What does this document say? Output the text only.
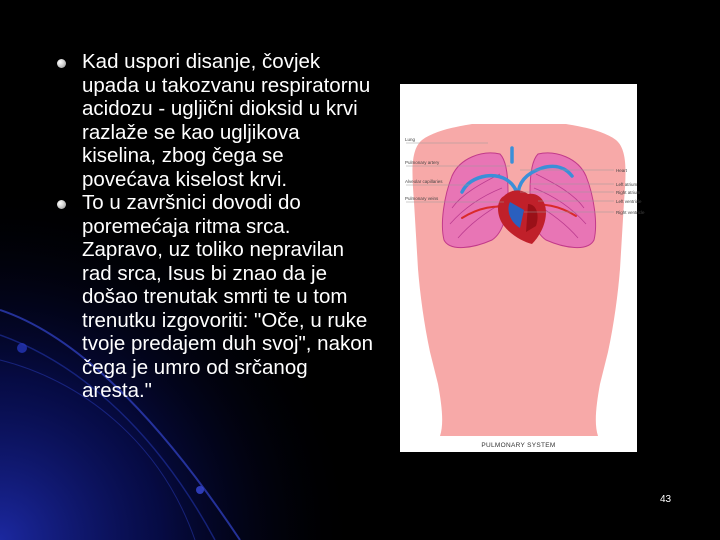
Kad uspori disanje, čovjek upada u takozvanu respiratornu acidozu - ugljični dioksid u krvi razlaže se kao ugljikova kiselina, zbog čega se povećava kiselost krvi.
To u završnici dovodi do poremećaja ritma srca. Zapravo, uz toliko nepravilan rad srca, Isus bi znao da je došao trenutak smrti te u tom trenutku izgovoriti: "Oče, u ruke tvoje predajem duh svoj", nakon čega je umro od srčanog aresta."
Lung
Pulmonary artery
Alveolar capillaries
Pulmonary veins
Heart
Left atrium
Right atrium
Left ventricle
Right ventricle
PULMONARY SYSTEM
43
